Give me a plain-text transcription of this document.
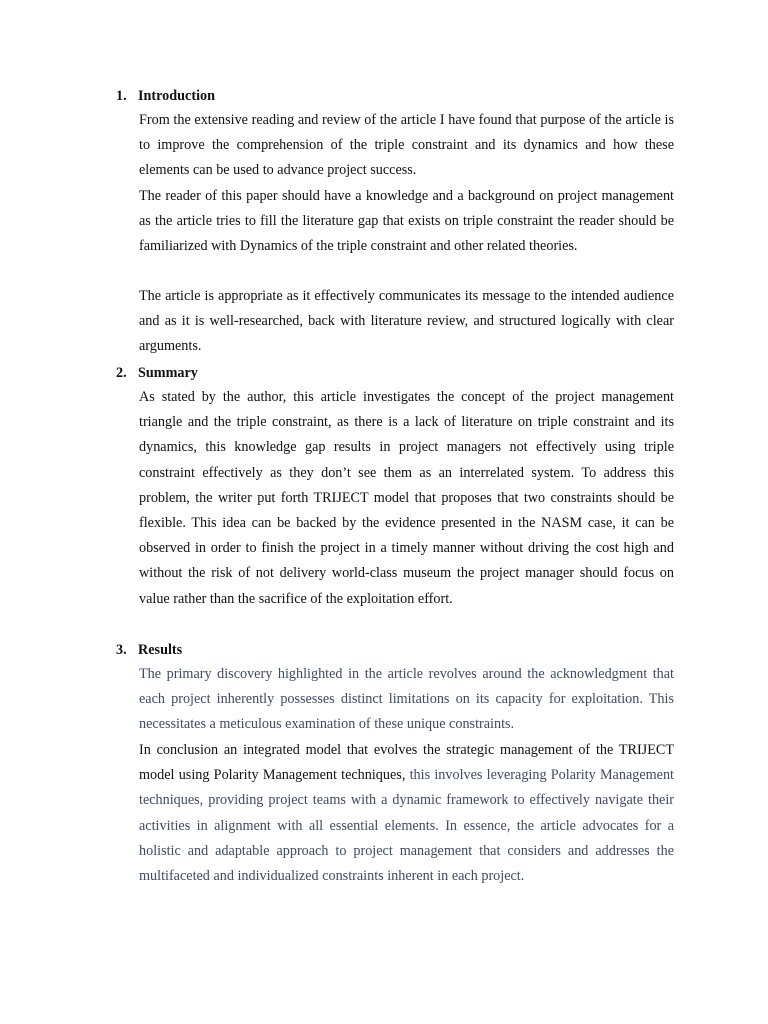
1. Introduction

From the extensive reading and review of the article I have found that purpose of the article is to improve the comprehension of the triple constraint and its dynamics and how these elements can be used to advance project success.

The reader of this paper should have a knowledge and a background on project management as the article tries to fill the literature gap that exists on triple constraint the reader should be familiarized with Dynamics of the triple constraint and other related theories.

The article is appropriate as it effectively communicates its message to the intended audience and as it is well-researched, back with literature review, and structured logically with clear arguments.

2. Summary

As stated by the author, this article investigates the concept of the project management triangle and the triple constraint, as there is a lack of literature on triple constraint and its dynamics, this knowledge gap results in project managers not effectively using triple constraint effectively as they don’t see them as an interrelated system. To address this problem, the writer put forth TRIJECT model that proposes that two constraints should be flexible. This idea can be backed by the evidence presented in the NASM case, it can be observed in order to finish the project in a timely manner without driving the cost high and without the risk of not delivery world-class museum the project manager should focus on value rather than the sacrifice of the exploitation effort.

3. Results

The primary discovery highlighted in the article revolves around the acknowledgment that each project inherently possesses distinct limitations on its capacity for exploitation. This necessitates a meticulous examination of these unique constraints.

In conclusion an integrated model that evolves the strategic management of the TRIJECT model using Polarity Management techniques, this involves leveraging Polarity Management techniques, providing project teams with a dynamic framework to effectively navigate their activities in alignment with all essential elements. In essence, the article advocates for a holistic and adaptable approach to project management that considers and addresses the multifaceted and individualized constraints inherent in each project.
